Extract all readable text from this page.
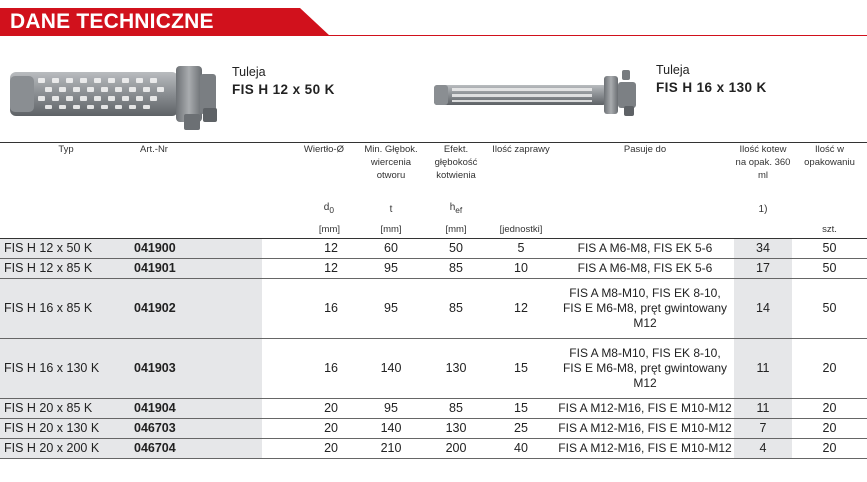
DANE TECHNICZNE
Tuleja
FIS H 12 x 50 K
Tuleja
FIS H 16 x 130 K
Typ	Art.-Nr		Wiertło-Ø		Min. Głębok. wiercenia otworu	Efekt. głębokość kotwienia	Ilość zaprawy	Pasuje do	Ilość kotew na opak. 360 ml	Ilość w opakowaniu
			$d_0$		t	$h_{ef}$			1)	
			[mm]		[mm]	[mm]	[jednostki]			szt.
FIS H 12 x 50 K	041900			12	60	50	5	FIS A M6-M8, FIS EK 5-6	34	50
FIS H 12 x 85 K	041901			12	95	85	10	FIS A M6-M8, FIS EK 5-6	17	50
FIS H 16 x 85 K	041902			16	95	85	12	FIS A M8-M10, FIS EK 8-10,
FIS E M6-M8, pręt gwintowany
M12	14	50
FIS H 16 x 130 K	041903			16	140	130	15	FIS A M8-M10, FIS EK 8-10,
FIS E M6-M8, pręt gwintowany
M12	11	20
FIS H 20 x 85 K	041904			20	95	85	15	FIS A M12-M16, FIS E M10-M12	11	20
FIS H 20 x 130 K	046703			20	140	130	25	FIS A M12-M16, FIS E M10-M12	7	20
FIS H 20 x 200 K	046704			20	210	200	40	FIS A M12-M16, FIS E M10-M12	4	20
